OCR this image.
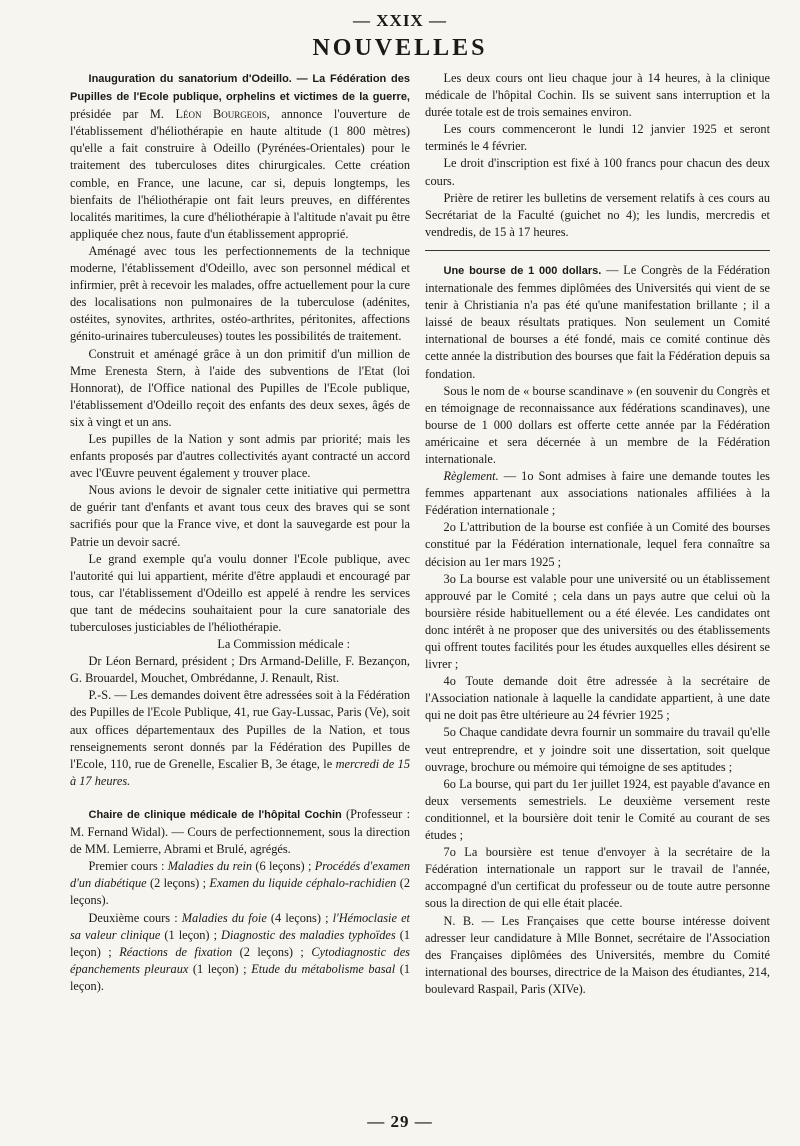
— XXIX —
NOUVELLES

Inauguration du sanatorium d'Odeillo. — La Fédération des Pupilles de l'Ecole publique, orphelins et victimes de la guerre, présidée par M. Léon Bourgeois, annonce l'ouverture de l'établissement d'héliothérapie en haute altitude (1 800 mètres) qu'elle a fait construire à Odeillo (Pyrénées-Orientales) pour le traitement des tuberculoses dites chirurgicales. Cette création comble, en France, une lacune, car si, depuis longtemps, les bienfaits de l'héliothérapie ont fait leurs preuves, en différentes localités maritimes, la cure d'héliothérapie à l'altitude n'avait pu être appliquée chez nous, faute d'un établissement approprié.

Aménagé avec tous les perfectionnements de la technique moderne, l'établissement d'Odeillo, avec son personnel médical et infirmier, prêt à recevoir les malades, offre actuellement pour la cure des localisations non pulmonaires de la tuberculose (adénites, ostéites, synovites, arthrites, ostéo-arthrites, péritonites, affections génito-urinaires tuberculeuses) toutes les possibilités de traitement.

Construit et aménagé grâce à un don primitif d'un million de Mme Erenesta Stern, à l'aide des subventions de l'Etat (loi Honnorat), de l'Office national des Pupilles de l'Ecole publique, l'établissement d'Odeillo reçoit des enfants des deux sexes, âgés de six à vingt et un ans.

Les pupilles de la Nation y sont admis par priorité; mais les enfants proposés par d'autres collectivités ayant contracté un accord avec l'Œuvre peuvent également y trouver place.

Nous avions le devoir de signaler cette initiative qui permettra de guérir tant d'enfants et avant tous ceux des braves qui se sont sacrifiés pour que la France vive, et dont la sauvegarde est pour la Patrie un devoir sacré.

Le grand exemple qu'a voulu donner l'Ecole publique, avec l'autorité qui lui appartient, mérite d'être applaudi et encouragé par tous, car l'établissement d'Odeillo est appelé à rendre les services que tant de médecins souhaitaient pour la cure sanatoriale des tuberculoses justiciables de l'héliothérapie.

La Commission médicale :

Dr Léon Bernard, président ; Drs Armand-Delille, F. Bezançon, G. Brouardel, Mouchet, Ombrédanne, J. Renault, Rist.

P.-S. — Les demandes doivent être adressées soit à la Fédération des Pupilles de l'Ecole Publique, 41, rue Gay-Lussac, Paris (Ve), soit aux offices départementaux des Pupilles de la Nation, et tous renseignements seront donnés par la Fédération des Pupilles de l'Ecole, 110, rue de Grenelle, Escalier B, 3e étage, le mercredi de 15 à 17 heures.

Chaire de clinique médicale de l'hôpital Cochin (Professeur : M. Fernand Widal). — Cours de perfectionnement, sous la direction de MM. Lemierre, Abrami et Brulé, agrégés.

Premier cours : Maladies du rein (6 leçons) ; Procédés d'examen d'un diabétique (2 leçons) ; Examen du liquide céphalo-rachidien (2 leçons).

Deuxième cours : Maladies du foie (4 leçons) ; l'Hémoclasie et sa valeur clinique (1 leçon) ; Diagnostic des maladies typhoïdes (1 leçon) ; Réactions de fixation (2 leçons) ; Cytodiagnostic des épanchements pleuraux (1 leçon) ; Etude du métabolisme basal (1 leçon).

Les deux cours ont lieu chaque jour à 14 heures, à la clinique médicale de l'hôpital Cochin. Ils se suivent sans interruption et la durée totale est de trois semaines environ.

Les cours commenceront le lundi 12 janvier 1925 et seront terminés le 4 février.

Le droit d'inscription est fixé à 100 francs pour chacun des deux cours.

Prière de retirer les bulletins de versement relatifs à ces cours au Secrétariat de la Faculté (guichet no 4); les lundis, mercredis et vendredis, de 15 à 17 heures.

Une bourse de 1 000 dollars. — Le Congrès de la Fédération internationale des femmes diplômées des Universités qui vient de se tenir à Christiania n'a pas été qu'une manifestation brillante ; il a laissé de beaux résultats pratiques. Non seulement un Comité international de bourses a été fondé, mais ce comité continue dès cette année la distribution des bourses que fait la Fédération depuis sa fondation.

Sous le nom de « bourse scandinave » (en souvenir du Congrès et en témoignage de reconnaissance aux fédérations scandinaves), une bourse de 1 000 dollars est offerte cette année par la Fédération américaine et sera décernée à un membre de la Fédération internationale.

Règlement. — 1o Sont admises à faire une demande toutes les femmes appartenant aux associations nationales affiliées à la Fédération internationale ;

2o L'attribution de la bourse est confiée à un Comité des bourses constitué par la Fédération internationale, lequel fera connaître sa décision au 1er mars 1925 ;

3o La bourse est valable pour une université ou un établissement approuvé par le Comité ; cela dans un pays autre que celui où la boursière réside habituellement ou a été élevée. Les candidates ont donc intérêt à ne proposer que des universités ou des établissements qui offrent toutes facilités pour les études auxquelles elles désirent se livrer ;

4o Toute demande doit être adressée à la secrétaire de l'Association nationale à laquelle la candidate appartient, à une date qui ne doit pas être ultérieure au 24 février 1925 ;

5o Chaque candidate devra fournir un sommaire du travail qu'elle veut entreprendre, et y joindre soit une dissertation, soit quelque ouvrage, brochure ou mémoire qui témoigne de ses aptitudes ;

6o La bourse, qui part du 1er juillet 1924, est payable d'avance en deux versements semestriels. Le deuxième versement reste conditionnel, et la boursière doit tenir le Comité au courant de ses études ;

7o La boursière est tenue d'envoyer à la secrétaire de la Fédération internationale un rapport sur le travail de l'année, accompagné d'un certificat du professeur ou de toute autre personne sous la direction de qui elle était placée.

N. B. — Les Françaises que cette bourse intéresse doivent adresser leur candidature à Mlle Bonnet, secrétaire de l'Association des Françaises diplômées des Universités, membre du Comité international des bourses, directrice de la Maison des étudiantes, 214, boulevard Raspail, Paris (XIVe).

— 29 —
